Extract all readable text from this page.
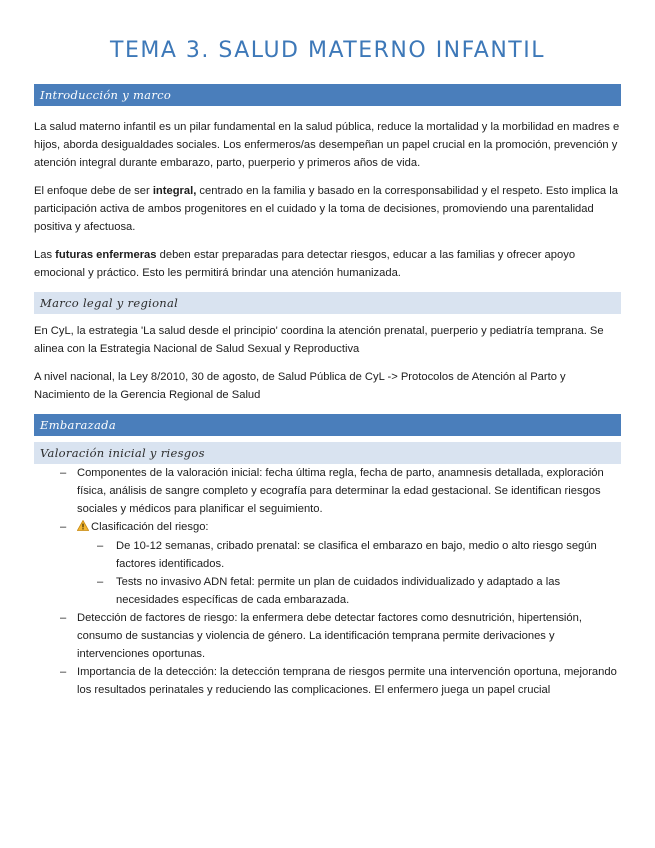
TEMA 3. SALUD MATERNO INFANTIL
Introducción y marco

La salud materno infantil es un pilar fundamental en la salud pública, reduce la mortalidad y la morbilidad en madres e hijos, aborda desigualdades sociales. Los enfermeros/as desempeñan un papel crucial en la promoción, prevención y atención integral durante embarazo, parto, puerperio y primeros años de vida.

El enfoque debe de ser integral, centrado en la familia y basado en la corresponsabilidad y el respeto. Esto implica la participación activa de ambos progenitores en el cuidado y la toma de decisiones, promoviendo una parentalidad positiva y afectuosa.

Las futuras enfermeras deben estar preparadas para detectar riesgos, educar a las familias y ofrecer apoyo emocional y práctico. Esto les permitirá brindar una atención humanizada.

Marco legal y regional

En CyL, la estrategia 'La salud desde el principio' coordina la atención prenatal, puerperio y pediatría temprana. Se alinea con la Estrategia Nacional de Salud Sexual y Reproductiva

A nivel nacional, la Ley 8/2010, 30 de agosto, de Salud Pública de CyL -> Protocolos de Atención al Parto y Nacimiento de la Gerencia Regional de Salud

Embarazada
Valoración inicial y riesgos
– Componentes de la valoración inicial: fecha última regla, fecha de parto, anamnesis detallada, exploración física, análisis de sangre completo y ecografía para determinar la edad gestacional. Se identifican riesgos sociales y médicos para planificar el seguimiento.
– Clasificación del riesgo:
– De 10-12 semanas, cribado prenatal: se clasifica el embarazo en bajo, medio o alto riesgo según factores identificados.
– Tests no invasivo ADN fetal: permite un plan de cuidados individualizado y adaptado a las necesidades específicas de cada embarazada.
– Detección de factores de riesgo: la enfermera debe detectar factores como desnutrición, hipertensión, consumo de sustancias y violencia de género. La identificación temprana permite derivaciones y intervenciones oportunas.
– Importancia de la detección: la detección temprana de riesgos permite una intervención oportuna, mejorando los resultados perinatales y reduciendo las complicaciones. El enfermero juega un papel crucial
